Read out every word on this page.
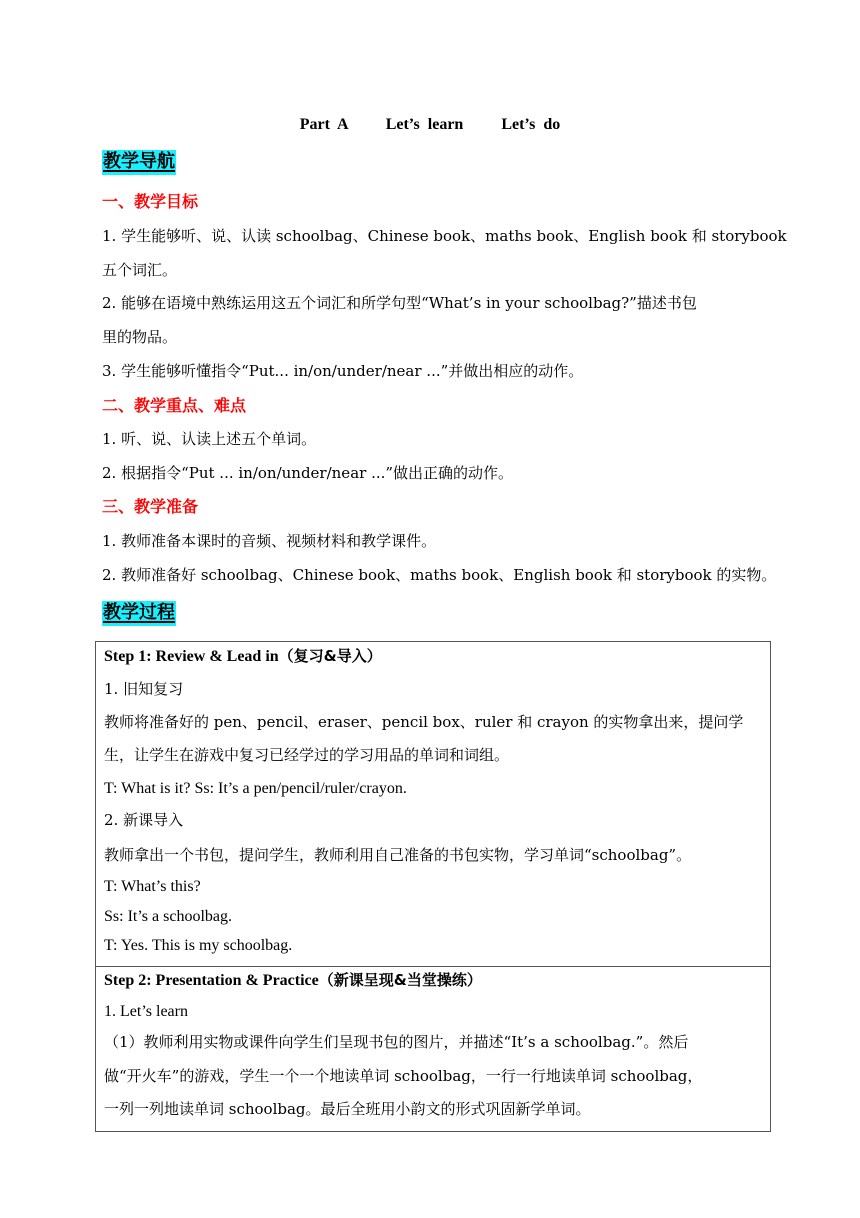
Part A Let’s learn Let’s do
教学导航
一、教学目标
1. 学生能够听、说、认读 schoolbag、Chinese book、maths book、English book 和 storybook
五个词汇。
2. 能够在语境中熟练运用这五个词汇和所学句型“What’s in your schoolbag?”描述书包
里的物品。
3. 学生能够听懂指令“Put... in/on/under/near ...”并做出相应的动作。
二、教学重点、难点
1. 听、说、认读上述五个单词。
2. 根据指令“Put ... in/on/under/near ...”做出正确的动作。
三、教学准备
1. 教师准备本课时的音频、视频材料和教学课件。
2. 教师准备好 schoolbag、Chinese book、maths book、English book 和 storybook 的实物。
教学过程
Step 1: Review & Lead in（复习&导入）
1. 旧知复习
教师将准备好的 pen、pencil、eraser、pencil box、ruler 和 crayon 的实物拿出来，提问学
生，让学生在游戏中复习已经学过的学习用品的单词和词组。
T: What is it? Ss: It’s a pen/pencil/ruler/crayon.
2. 新课导入
教师拿出一个书包，提问学生，教师利用自己准备的书包实物，学习单词“schoolbag”。
T: What’s this?
Ss: It’s a schoolbag.
T: Yes. This is my schoolbag.
Step 2: Presentation & Practice（新课呈现&当堂操练）
1. Let’s learn
（1）教师利用实物或课件向学生们呈现书包的图片，并描述“It’s a schoolbag.”。然后
做“开火车”的游戏，学生一个一个地读单词 schoolbag，一行一行地读单词 schoolbag，
一列一列地读单词 schoolbag。最后全班用小韵文的形式巩固新学单词。
